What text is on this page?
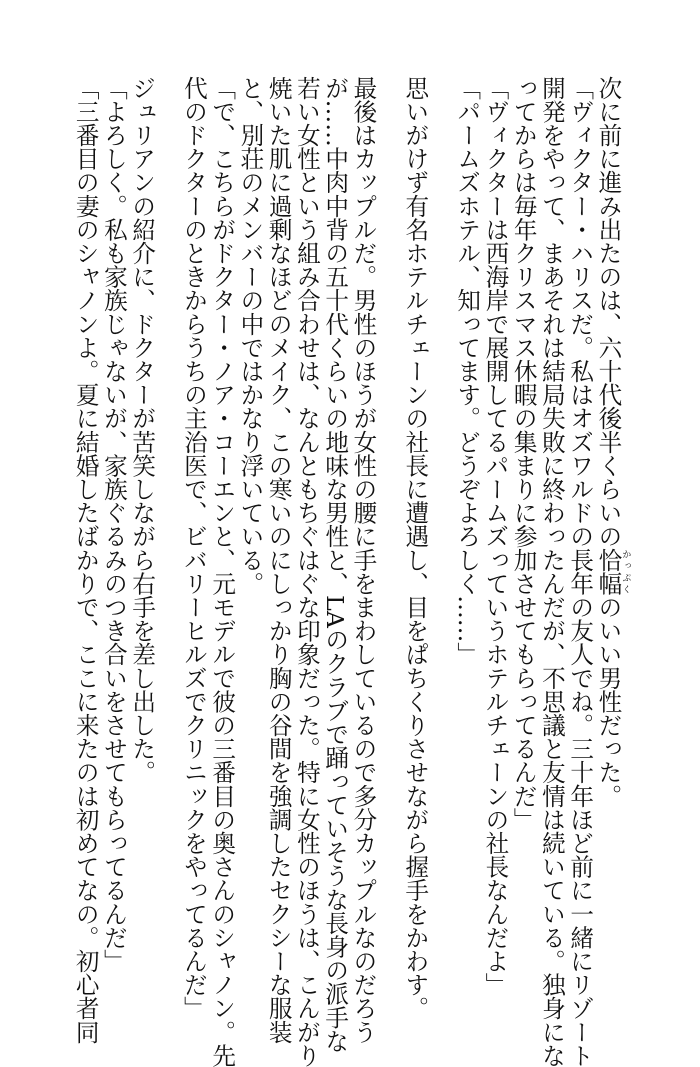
次に前に進み出たのは、六十代後半くらいの恰幅かっぷくのいい男性だった。
「ヴィクター・ハリスだ。私はオズワルドの長年の友人でね。三十年ほど前に一緒にリゾート
開発をやって、まあそれは結局失敗に終わったんだが、不思議と友情は続いている。独身にな
ってからは毎年クリスマス休暇の集まりに参加させてもらってるんだ」
「ヴィクターは西海岸で展開してるパームズっていうホテルチェーンの社長なんだよ」
「パームズホテル、知ってます。どうぞよろしく……」
思いがけず有名ホテルチェーンの社長に遭遇し、目をぱちくりさせながら握手をかわす。
最後はカップルだ。男性のほうが女性の腰に手をまわしているので多分カップルなのだろう
が……中肉中背の五十代くらいの地味な男性と、LAのクラブで踊っていそうな長身の派手な
若い女性という組み合わせは、なんともちぐはぐな印象だった。特に女性のほうは、こんがり
焼いた肌に過剰なほどのメイク、この寒いのにしっかり胸の谷間を強調したセクシーな服装
と、別荘のメンバーの中ではかなり浮いている。
「で、こちらがドクター・ノア・コーエンと、元モデルで彼の三番目の奥さんのシャノン。先
代のドクターのときからうちの主治医で、ビバリーヒルズでクリニックをやってるんだ」
ジュリアンの紹介に、ドクターが苦笑しながら右手を差し出した。
「よろしく。私も家族じゃないが、家族ぐるみのつき合いをさせてもらってるんだ」
「三番目の妻のシャノンよ。夏に結婚したばかりで、ここに来たのは初めてなの。初心者同
